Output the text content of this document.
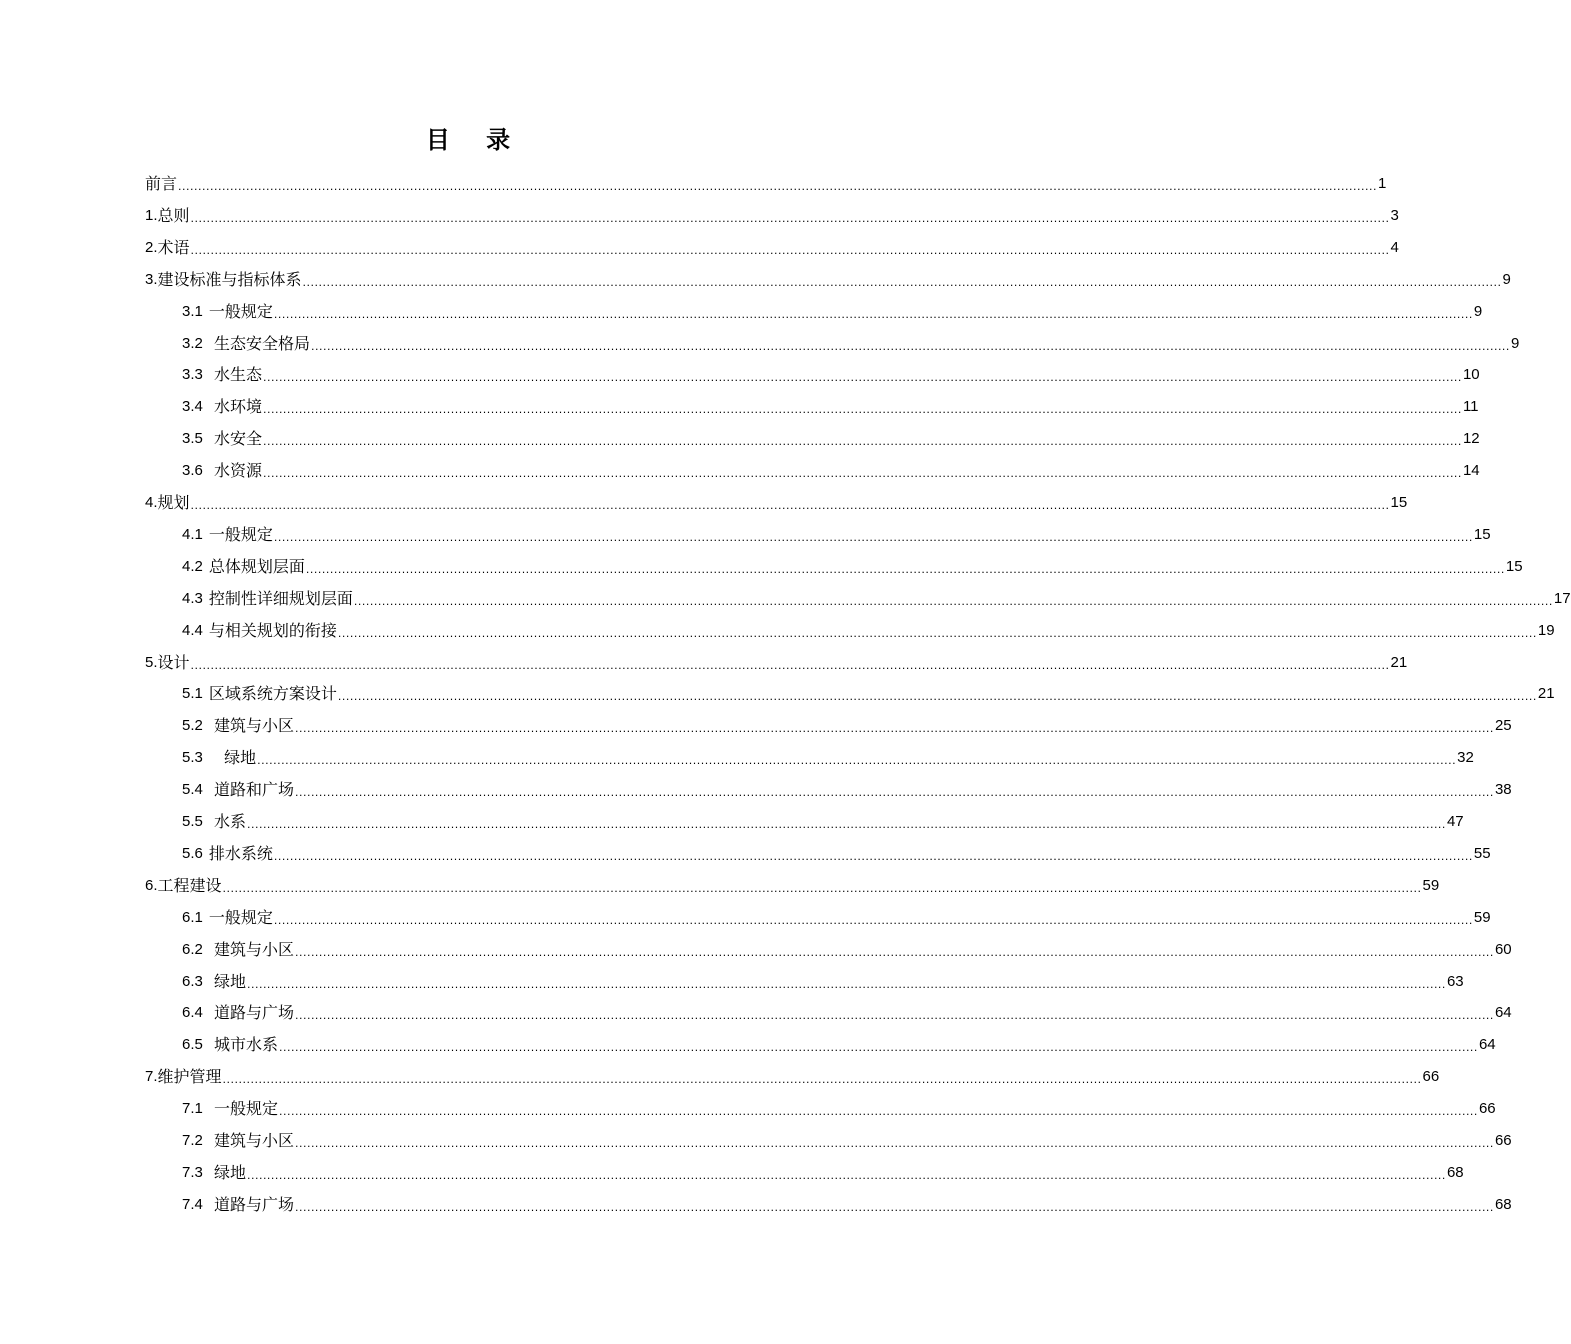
目 录
前 言 ............................................................................................................................................................................................................................................................................................................ 1
1. 总则 ............................................................................................................................................................................................................................................................................................................ 3
2. 术语 ............................................................................................................................................................................................................................................................................................................ 4
3. 建设标准与指标体系 ............................................................................................................................................................................................................................................................................................................ 9
3.1 一般规定 ............................................................................................................................................................................................................................................................................................................ 9
3.2 生态安全格局 ............................................................................................................................................................................................................................................................................................................ 9
3.3 水生态 ............................................................................................................................................................................................................................................................................................................ 10
3.4 水环境 ............................................................................................................................................................................................................................................................................................................ 11
3.5 水安全 ............................................................................................................................................................................................................................................................................................................ 12
3.6 水资源 ............................................................................................................................................................................................................................................................................................................ 14
4. 规划 ............................................................................................................................................................................................................................................................................................................ 15
4.1 一般规定 ............................................................................................................................................................................................................................................................................................................ 15
4.2 总体规划层面 ............................................................................................................................................................................................................................................................................................................ 15
4.3 控制性详细规划层面 ............................................................................................................................................................................................................................................................................................................ 17
4.4 与相关规划的衔接 ............................................................................................................................................................................................................................................................................................................ 19
5. 设计 ............................................................................................................................................................................................................................................................................................................ 21
5.1 区域系统方案设计 ............................................................................................................................................................................................................................................................................................................ 21
5.2 建筑与小区 ............................................................................................................................................................................................................................................................................................................ 25
5.3 绿地 ............................................................................................................................................................................................................................................................................................................ 32
5.4 道路和广场 ............................................................................................................................................................................................................................................................................................................ 38
5.5 水系 ............................................................................................................................................................................................................................................................................................................ 47
5.6 排水系统 ............................................................................................................................................................................................................................................................................................................ 55
6. 工程建设 ............................................................................................................................................................................................................................................................................................................ 59
6.1 一般规定 ............................................................................................................................................................................................................................................................................................................ 59
6.2 建筑与小区 ............................................................................................................................................................................................................................................................................................................ 60
6.3 绿地 ............................................................................................................................................................................................................................................................................................................ 63
6.4 道路与广场 ............................................................................................................................................................................................................................................................................................................ 64
6.5 城市水系 ............................................................................................................................................................................................................................................................................................................ 64
7. 维护管理 ............................................................................................................................................................................................................................................................................................................ 66
7.1 一般规定 ............................................................................................................................................................................................................................................................................................................ 66
7.2 建筑与小区 ............................................................................................................................................................................................................................................................................................................ 66
7.3 绿地 ............................................................................................................................................................................................................................................................................................................ 68
7.4 道路与广场 ............................................................................................................................................................................................................................................................................................................ 68
